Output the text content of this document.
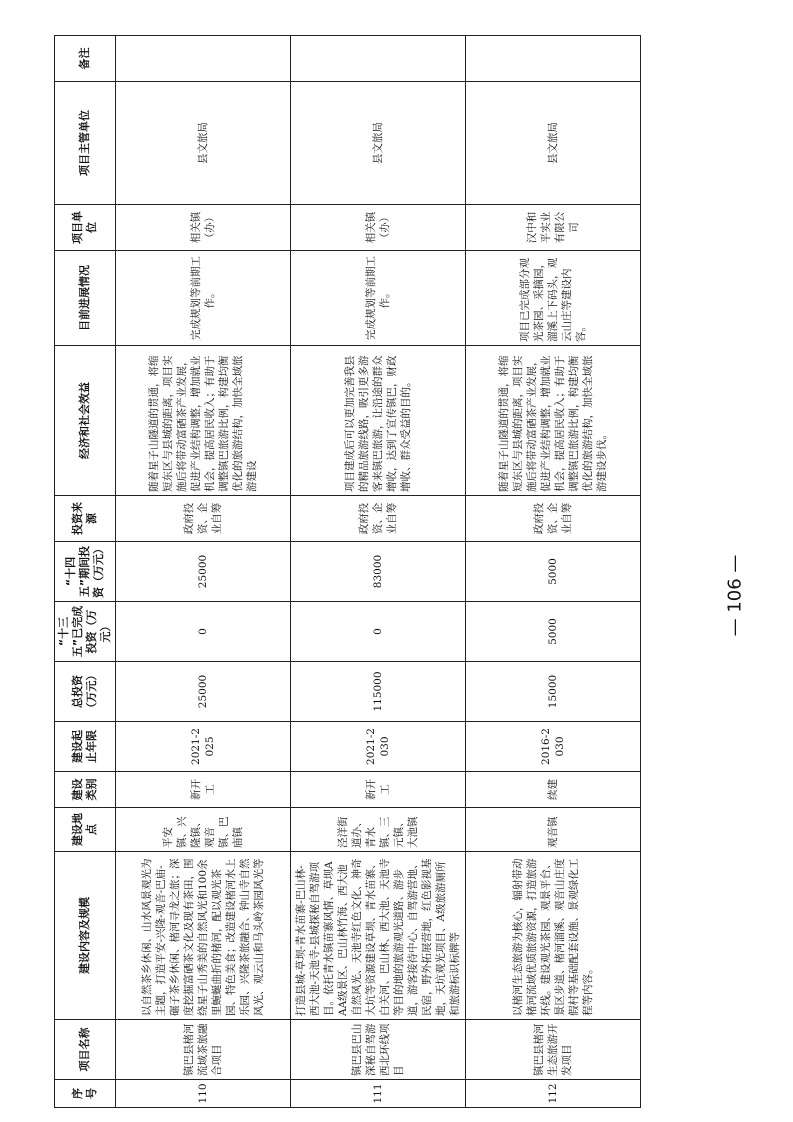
序号	项目名称	建设内容及规模	建设地点	建设类别	建设起止年限	总投资（万元）	“十三五”已完成投资（万元）	“十四五”期间投资（万元）	投资来源	经济和社会效益	目前进展情况	项目单位	项目主管单位	备注
110	镇巴县楮河流域茶旅融合项目	以自然茶乡休闲、山水风景观光为主题，打造平安-兴隆-观音-巴庙-碾子茶乡休闲、楮河寻龙之旅；深度挖掘富硒茶文化及现有茶田，围绕星子山秀美的自然风光和100余里蜿蜒曲折的楮河，配以观光茶园、特色美食；改造建设楮河水上乐园、兴隆茶旅融合、钟山寺自然风光、观云山和马头岭茶园风光等	平安镇、兴隆镇、观音镇、巴庙镇	新开工	2021-2025	25000	0	25000	政府投资、企业自筹	随着星子山隧道的贯通，将缩短东区与县城的距离，项目实施后将带动富硒茶产业发展，促进产业结构调整，增加就业机会，提高居民收入；有助于调整镇巴旅游比例，构建均衡优化的旅游结构，加快全域旅游建设	完成规划等前期工作。	相关镇（办）	县文旅局	
111	镇巴县巴山深秘自驾游西北环线项目	打造县城-草坝-青水苗寨-巴山林-西大池-天池寺-县城探秘自驾游项目。依托青水镇苗寨风情、草坝AAA级景区、巴山林竹海、西大池自然风光、天池寺红色文化、神奇大坑等资源建设草坝、青水苗寨、白关河、巴山林、西大池、天池寺等目的地的旅游观光道路、游步道，游客接待中心、自驾游营地、民宿，野外拓展营地，红色影视基地，天坑观光项目、A级旅游厕所和旅游标识标牌等	泾洋街道办、青水镇、三元镇、大池镇	新开工	2021-2030	115000	0	83000	政府投资、企业自筹	项目建成后可以更加完善我县的精品旅游线路，吸引更多游客来镇巴旅游，让沿途的群众增收，达到了宣传镇巴，财政增收、群众受益的目的。	完成规划等前期工作。	相关镇（办）	县文旅局	
112	镇巴县楮河生态旅游开发项目	以楮河生态旅游为核心，辐射带动楮河流域优质旅游资源，打造旅游环线。建设观光茶园、观景平台、景区步道、楮河溜溪、观音山庄度假村等基础配套设施、景观绿化工程等内容。	观音镇	续建	2016-2030	15000	5000	5000	政府投资、企业自筹	随着星子山隧道的贯通，将缩短东区与县城的距离，项目实施后将带动富硒茶产业发展，促进产业结构调整，增加就业机会，提高居民收入；有助于调整镇巴旅游比例，构建均衡优化的旅游结构，加快全域旅游建设步伐。	项目已完成部分观光茶园、采摘园，溜溪上下码头，观云山庄等建设内容。	汉中和平实业有限公司	县文旅局	
— 106 —
